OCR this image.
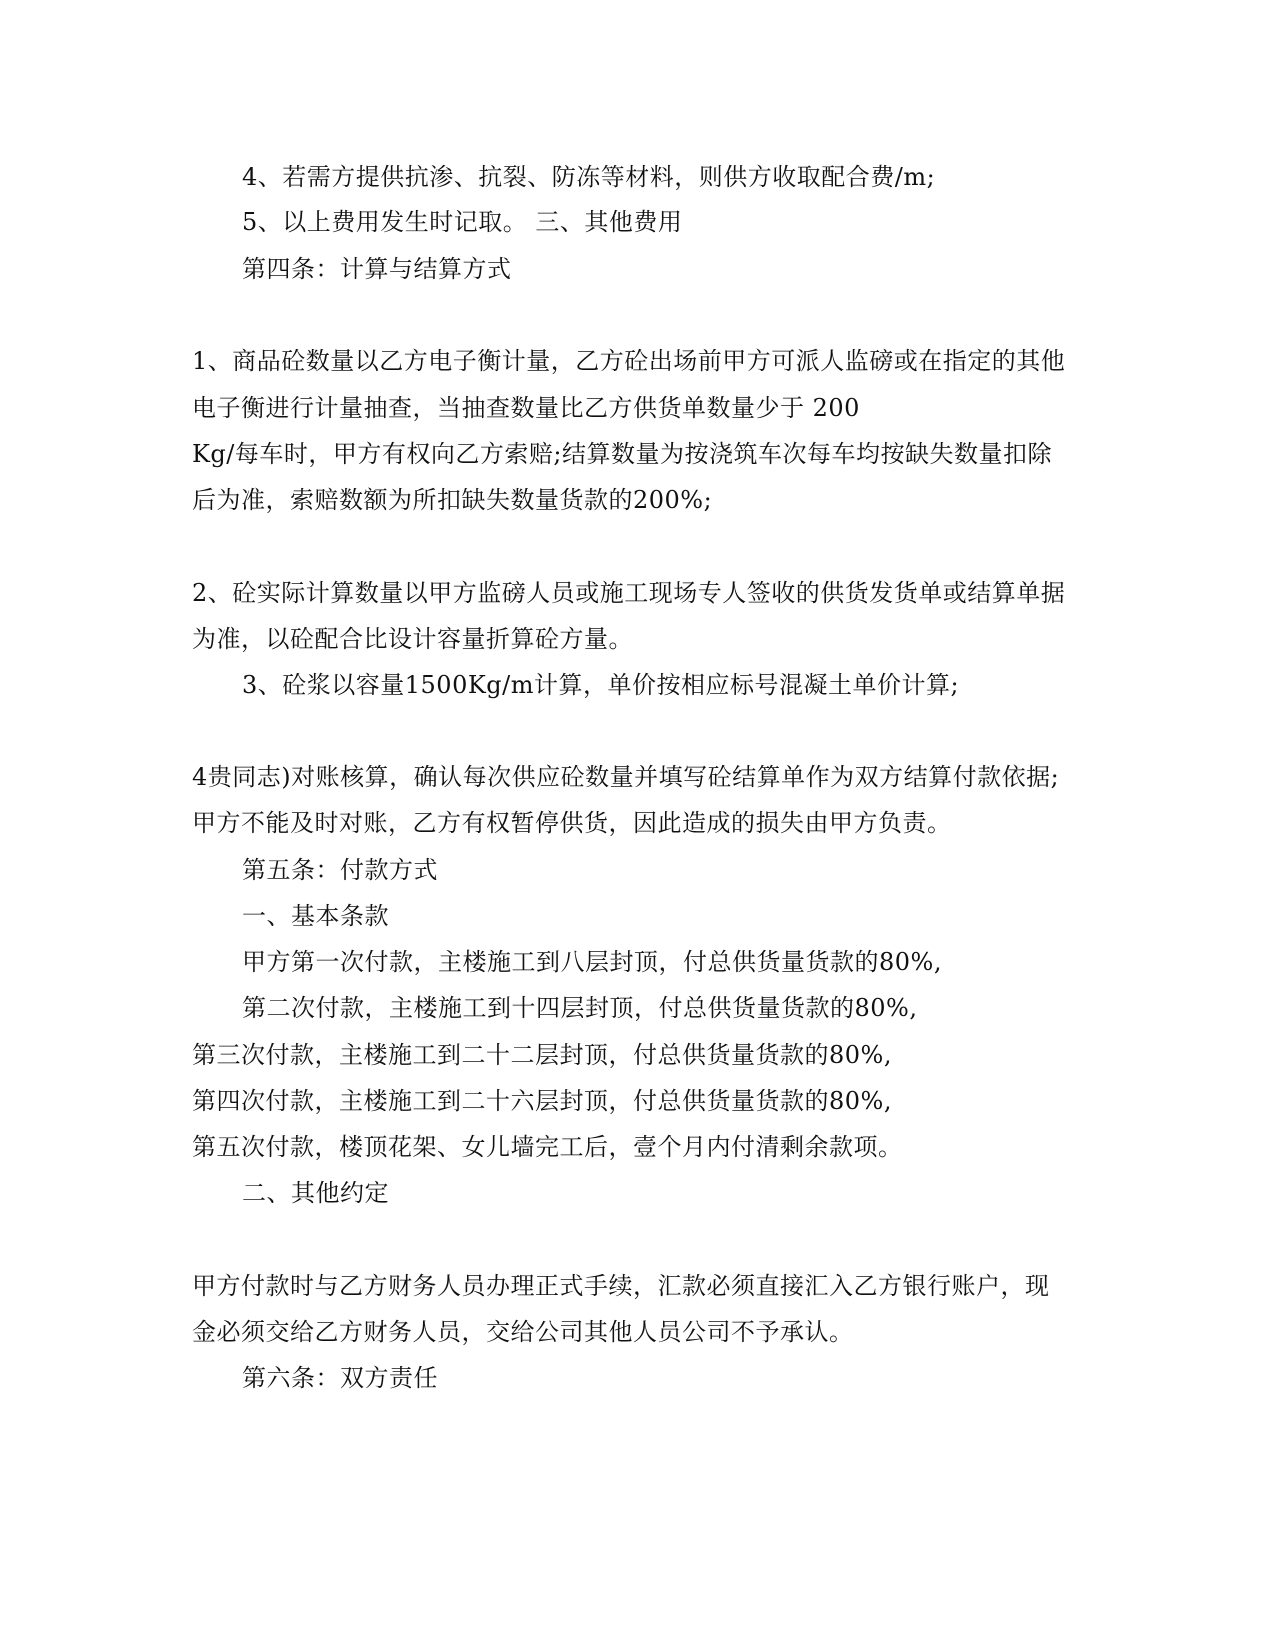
4、若需方提供抗渗、抗裂、防冻等材料，则供方收取配合费/m;
5、以上费用发生时记取。 三、其他费用
第四条：计算与结算方式
1、商品砼数量以乙方电子衡计量，乙方砼出场前甲方可派人监磅或在指定的其他
电子衡进行计量抽查，当抽查数量比乙方供货单数量少于 200
Kg/每车时，甲方有权向乙方索赔;结算数量为按浇筑车次每车均按缺失数量扣除
后为准，索赔数额为所扣缺失数量货款的200%;
2、砼实际计算数量以甲方监磅人员或施工现场专人签收的供货发货单或结算单据
为准，以砼配合比设计容量折算砼方量。
3、砼浆以容量1500Kg/m计算，单价按相应标号混凝土单价计算;
4贵同志)对账核算，确认每次供应砼数量并填写砼结算单作为双方结算付款依据;
甲方不能及时对账，乙方有权暂停供货，因此造成的损失由甲方负责。
第五条：付款方式
一、基本条款
甲方第一次付款，主楼施工到八层封顶，付总供货量货款的80%,
第二次付款，主楼施工到十四层封顶，付总供货量货款的80%,
第三次付款，主楼施工到二十二层封顶，付总供货量货款的80%,
第四次付款，主楼施工到二十六层封顶，付总供货量货款的80%,
第五次付款，楼顶花架、女儿墙完工后，壹个月内付清剩余款项。
二、其他约定
甲方付款时与乙方财务人员办理正式手续，汇款必须直接汇入乙方银行账户，现
金必须交给乙方财务人员，交给公司其他人员公司不予承认。
第六条：双方责任
